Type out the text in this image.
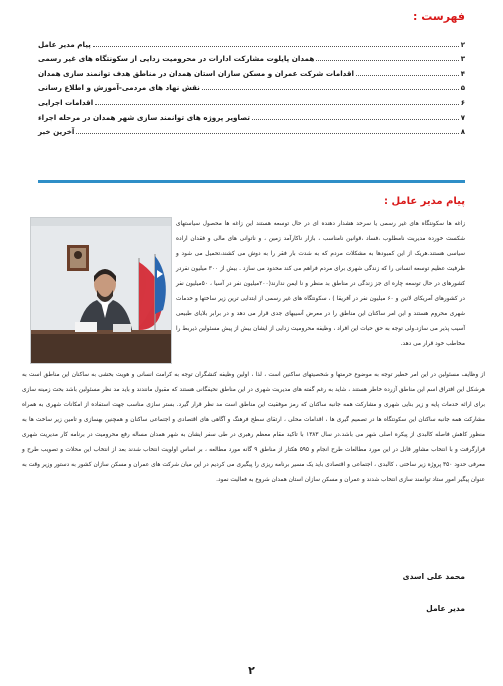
فهرست :
پیام مدیر عامل	۲
همدان پایلوت مشارکت ادارات در محرومیت زدایی از سکونتگاه های غیر رسمی	۳
اقدامات شرکت عمران و مسکن سازان استان همدان در مناطق هدف توانمند سازی همدان	۴
نقش نهاد های مردمی-آموزش و اطلاع رسانی	۵
اقدامات اجرایی	۶
تصاویر پروژه های توانمند سازی شهر همدان در مرحله اجراء	۷
آخرین خبر	۸
پیام مدیر عامل :
زاغه ها سکونتگاه های غیر رسمی یا سرحد هشدار دهنده ای در حال توسعه هستند این زاغه ها محصول سیاستهای شکست خورده مدیریت نامطلوب ،فساد ،قوانین نامناسب ، بازار ناکارآمد زمین ، و ناتوانی های مالی و فقدان اراده سیاسی هستند.هریک از این کمبودها به مشکلات مردم که به شدت بار فقر را به دوش می کشند،تحمیل می شود و ظرفیت عظیم توسعه انسانی را که زندگی شهری برای مردم فراهم می کند محدود می سازد . بیش از ۳۰۰ میلیون نفردر کشورهای در حال توسعه چاره ای جز زندگی در مناطق بد منظر و نا ایمن ندارند(۲۰۰میلیون نفر در آسیا ، ۵۰میلیون نفر در کشورهای آمریکای لاتین و ۶۰ میلیون نفر در آفریقا ) ، سکونتگاه های غیر رسمی از ابتدایی ترین زیر ساختها و خدمات شهری محروم هستند و این امر ساکنان این مناطق را در معرض آسیبهای جدی قرار می دهد و در برابر بلایای طبیعی آسیب پذیر می سازد.ولی توجه به حق حیات این افراد ، وظیفه محرومیت زدایی از ایشان بیش از پیش مسئولین ذیربط را مخاطب خود قرار می دهد.
از وظایف مسئولین در این امر خطیر توجه به موضوع حرمتها و شخصیتهای ساکنین است ، لذا ، اولین وظیفه کنشگران توجه به کرامت انسانی و هویت بخشی به ساکنان این مناطق است به هرشکل این افتراق اسم این مناطق آزرده خاطر هستند ، شاید به رغم گفته های مدیریت شهری در این مناطق نحیفگانی هستند که مقبول مانندند و باید مد نظر مسئولین باشد بحث زمینه سازی برای ارائه خدمات پایه و زیر بنایی شهری و مشارکت همه جانبه ساکنان که رمز موفقیت این مناطق است مد نظر قرار گیرد. بستر سازی مناسب جهت استفاده از امکانات شهری به همراه مشارکت همه جانبه ساکنان این سکونتگاه ها در تصمیم گیری ها ، اقدامات محلی ، ارتقای سطح فرهنگ و آگاهی های اقتصادی و اجتماعی ساکنان و همچنین بهسازی و تامین زیر ساخت ها به منظور کاهش فاصله کالبدی از پیکره اصلی شهر می باشد.در سال ۱۳۸۳ با تاکید مقام معظم رهبری در طی سفر ایشان به شهر همدان مساله رفع محرومیت در برنامه کار مدیریت شهری قرارگرفت و با انتخاب مشاور قابل در این مورد مطالعات طرح انجام و ۵۹۵ هکتار از مناطق ۹ گانه مورد مطالعه ، بر اساس اولویت انتخاب شدند بعد از انتخاب این محلات و تصویب طرح و معرفی حدود ۳۵۰ پروژه زیر ساختی ، کالبدی ، اجتماعی و اقتصادی باید یک مسیر برنامه ریزی را پیگیری می کردیم در این میان شرکت های عمران و مسکن سازان کشور به دستور وزیر وقت به عنوان پیگیر امور ستاد توانمند سازی انتخاب شدند و عمران و مسکن سازان استان همدان شروع به فعالیت نمود.
محمد علی اسدی
مدیر عامل
۲
